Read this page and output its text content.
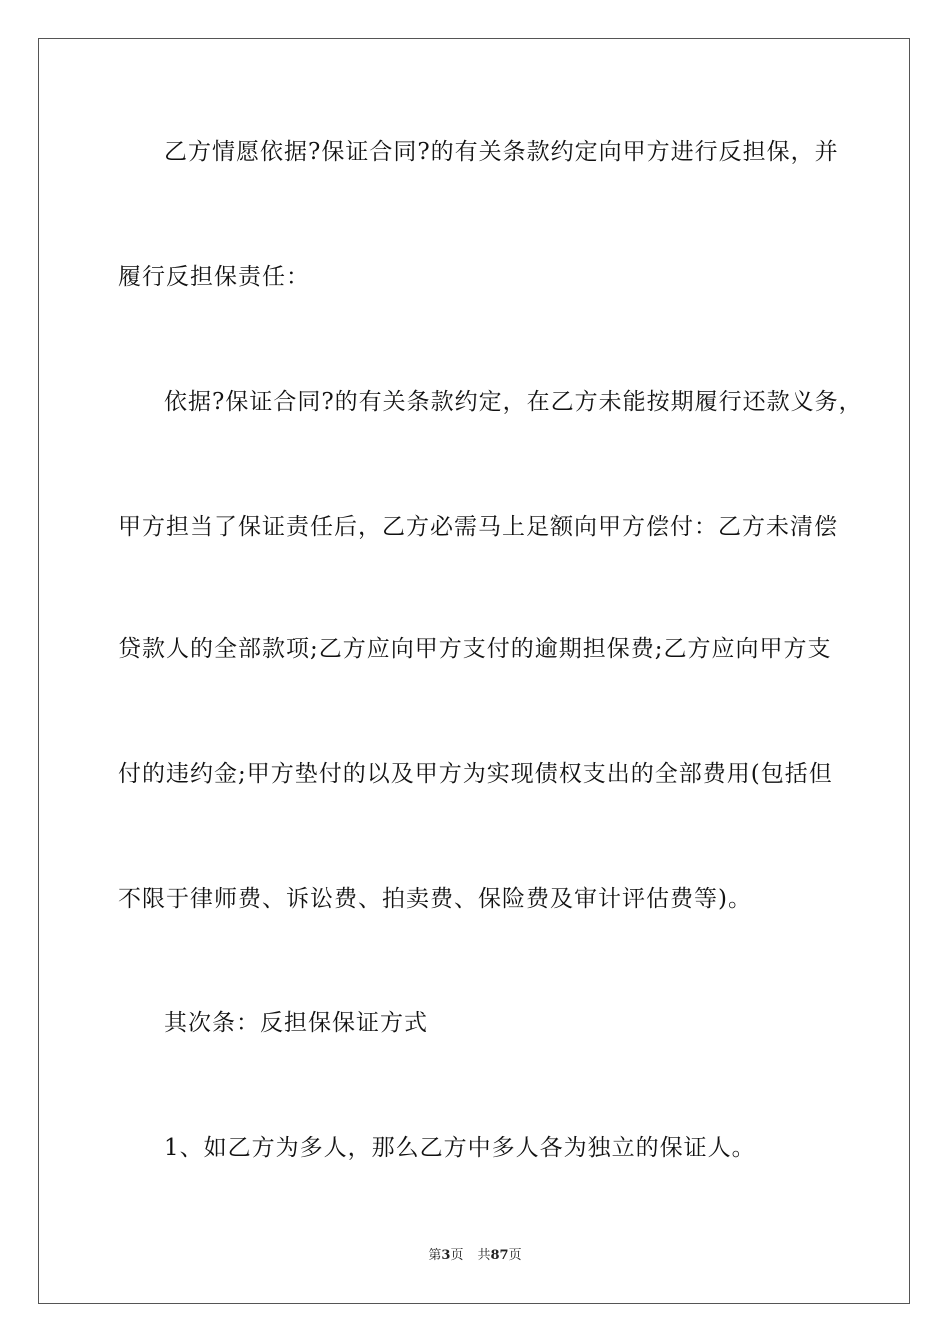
乙方情愿依据?保证合同?的有关条款约定向甲方进行反担保，并
履行反担保责任：
依据?保证合同?的有关条款约定，在乙方未能按期履行还款义务，
甲方担当了保证责任后，乙方必需马上足额向甲方偿付：乙方未清偿
贷款人的全部款项;乙方应向甲方支付的逾期担保费;乙方应向甲方支
付的违约金;甲方垫付的以及甲方为实现债权支出的全部费用(包括但
不限于律师费、诉讼费、拍卖费、保险费及审计评估费等)。
其次条：反担保保证方式
1、如乙方为多人，那么乙方中多人各为独立的保证人。
第3页 共87页
